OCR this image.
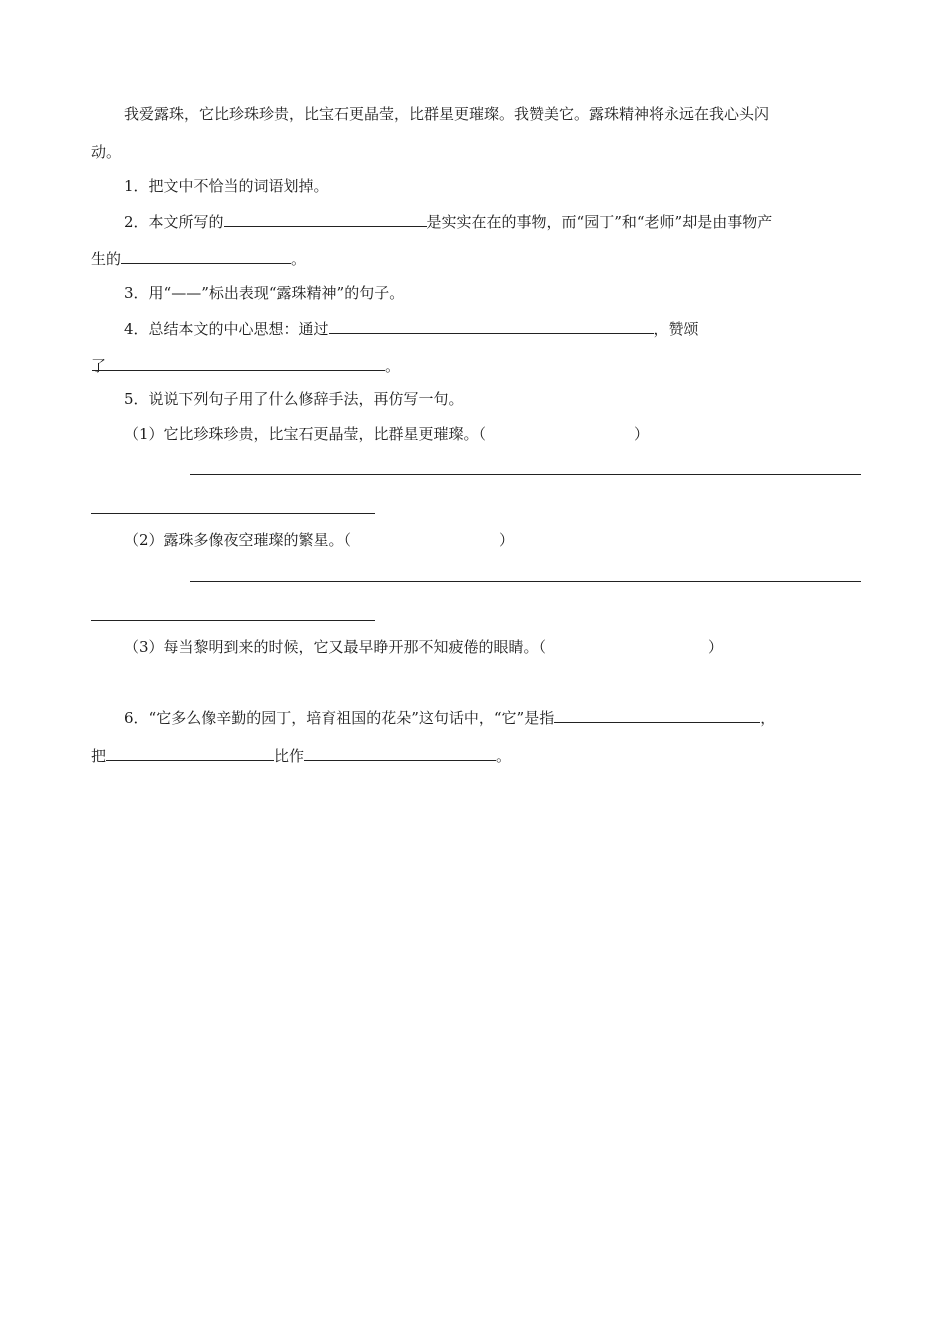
我爱露珠，它比珍珠珍贵，比宝石更晶莹，比群星更璀璨。我赞美它。露珠精神将永远在我心头闪
动。
1．把文中不恰当的词语划掉。
2．本文所写的	是实实在在的事物，而“园丁”和“老师”却是由事物产
生的	。
3．用“——”标出表现“露珠精神”的句子。
4．总结本文的中心思想：通过	，赞颂
了	。
5．说说下列句子用了什么修辞手法，再仿写一句。
（1）它比珍珠珍贵，比宝石更晶莹，比群星更璀璨。（	）
（2）露珠多像夜空璀璨的繁星。（	）
（3）每当黎明到来的时候，它又最早睁开那不知疲倦的眼睛。（	）
6．“它多么像辛勤的园丁，培育祖国的花朵”这句话中，“它”是指	，
把	比作	。
